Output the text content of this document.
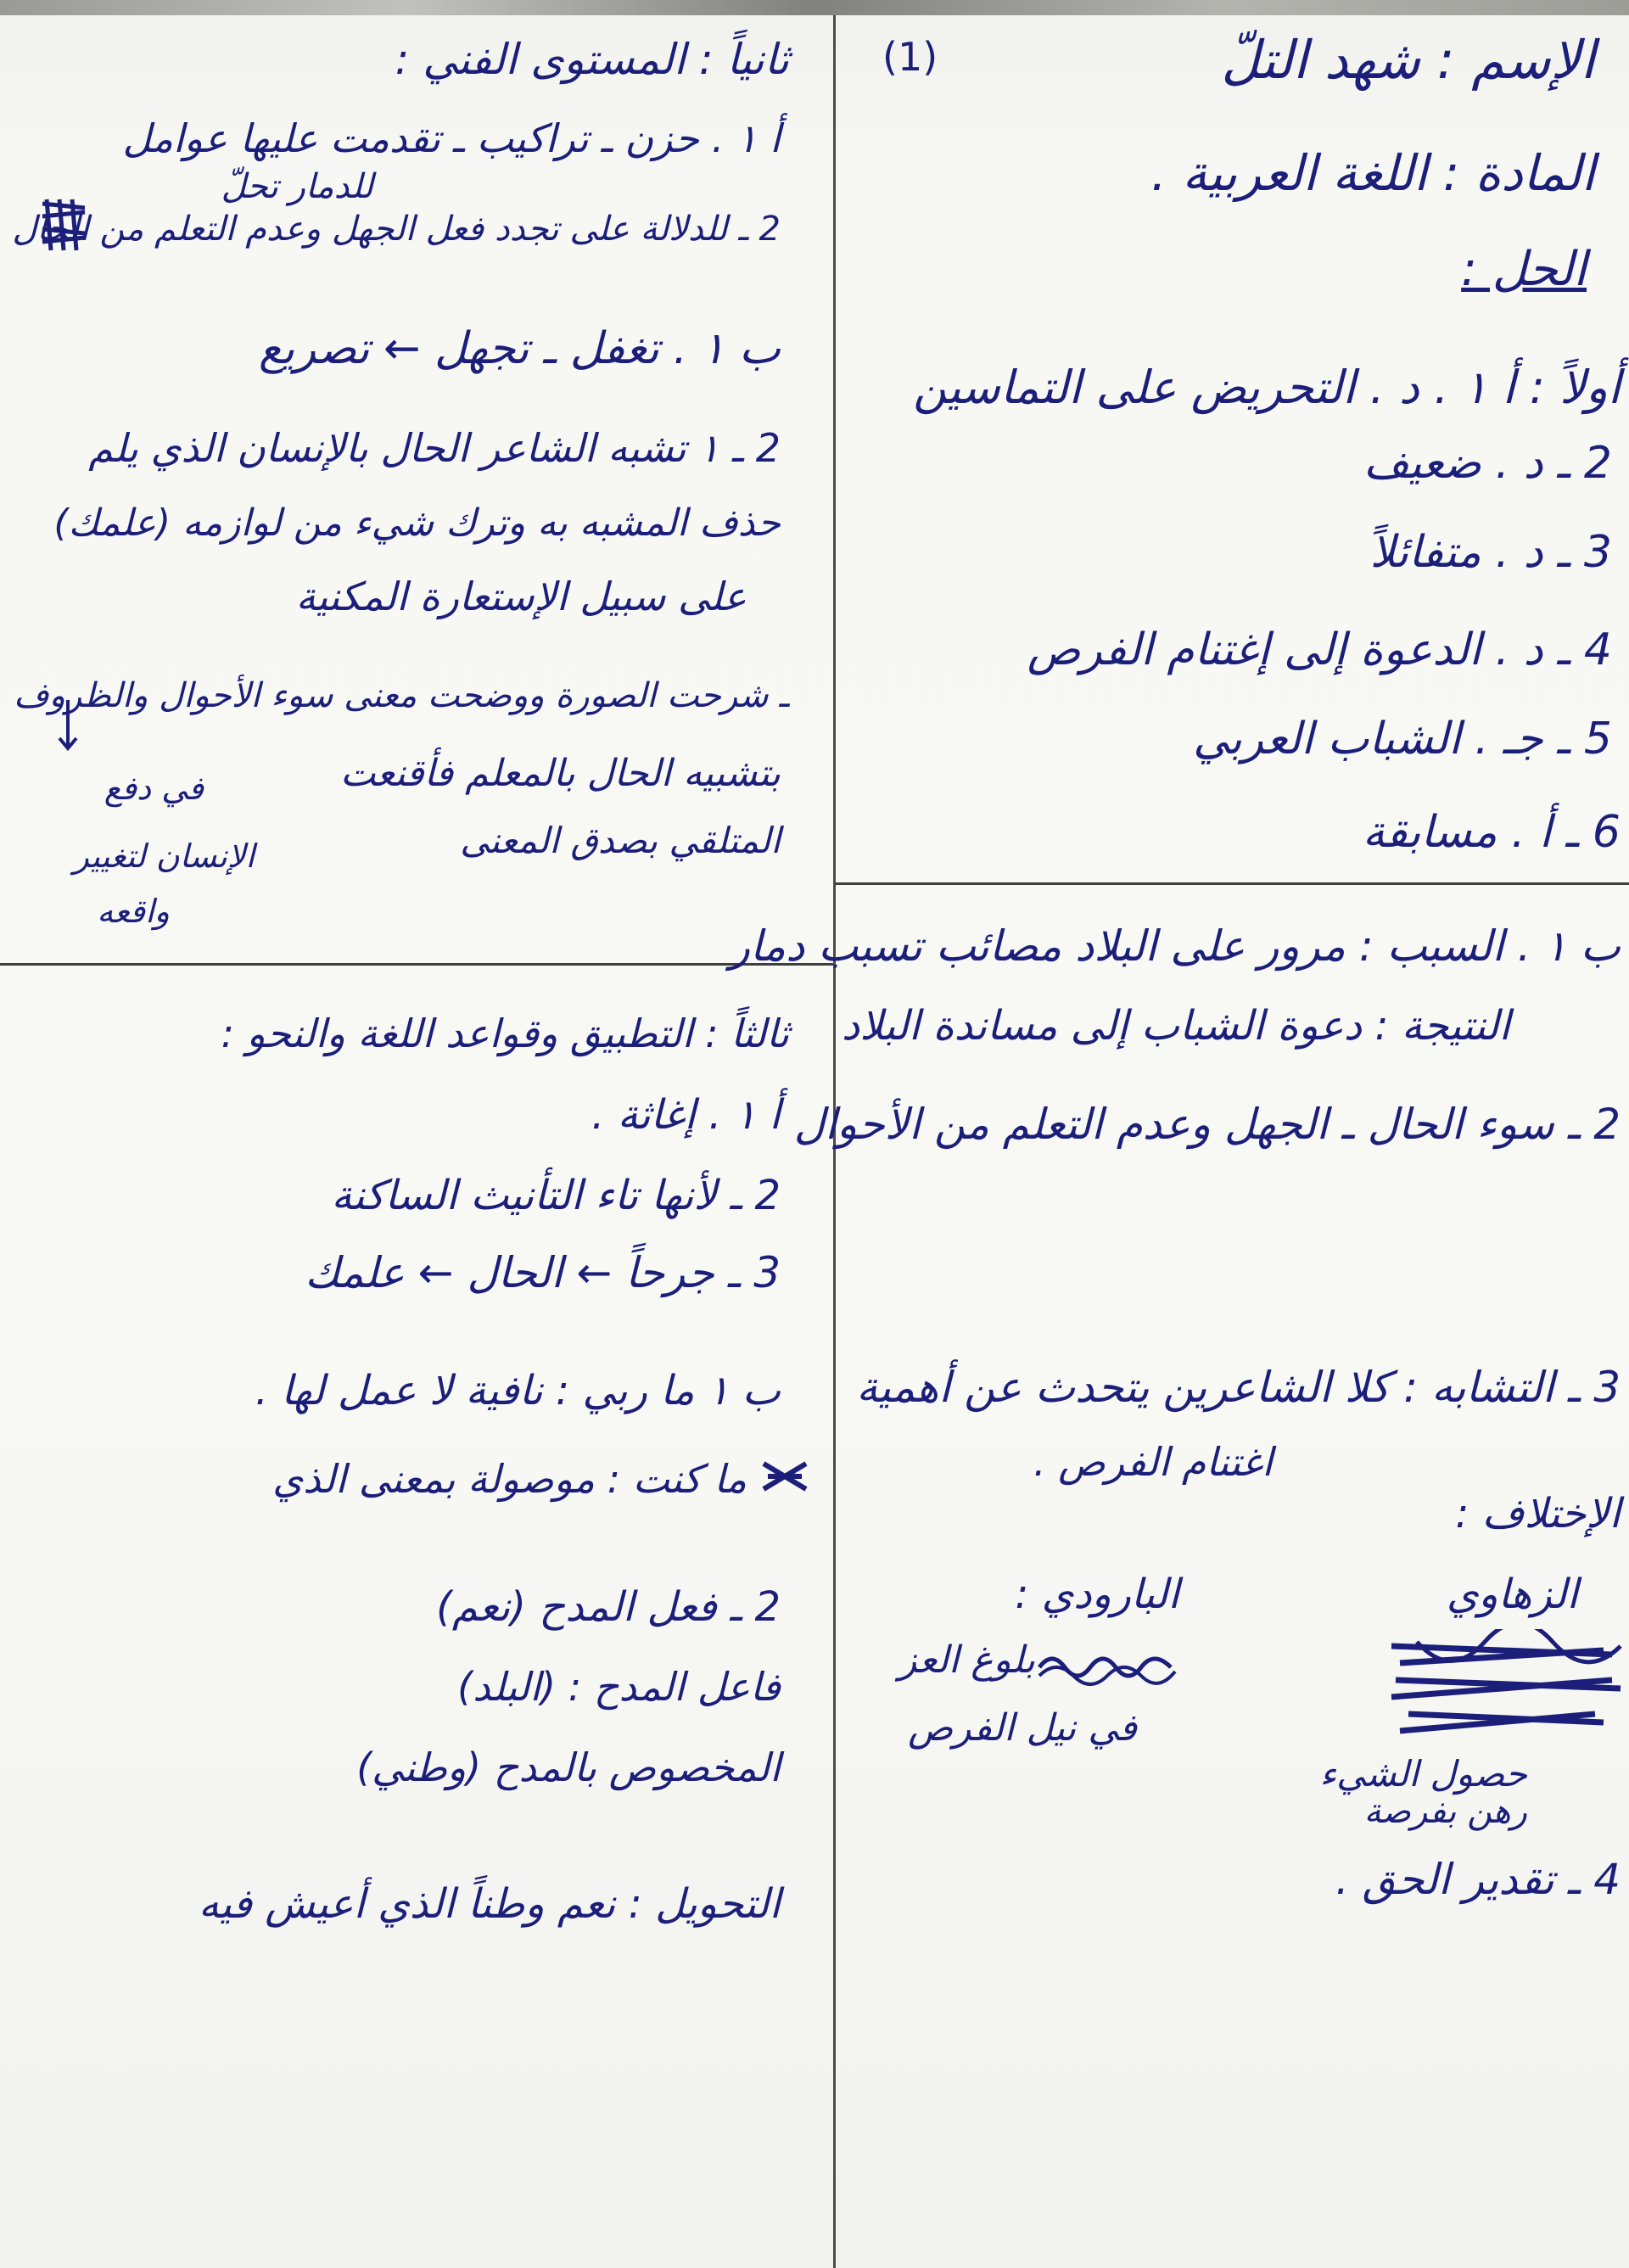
(1)	الإسم : شهد التلّ
المادة : اللغة العربية .
الحل :
أولاً : أ ١ . د . التحريض على التماسين
2 ـ د . ضعيف
3 ـ د . متفائلاً
4 ـ د . الدعوة إلى إغتنام الفرص
5 ـ جـ . الشباب العربي
6 ـ أ . مسابقة
ب ١ . السبب : مرور على البلاد مصائب تسبب دمار
النتيجة : دعوة الشباب إلى مساندة البلاد
2 ـ سوء الحال ـ الجهل وعدم التعلم من الأحوال
3 ـ التشابه : كلا الشاعرين يتحدث عن أهمية
اغتنام الفرص .
الإختلاف :
الزهاوي
البارودي :
بلوغ العز
في نيل الفرص
حصول الشيء
رهن بفرصة
4 ـ تقدير الحق .
ثانياً : المستوى الفني :
أ ١ . حزن ـ تراكيب ـ تقدمت عليها عوامل
للدمار تحلّ
2 ـ للدلالة على تجدد فعل الجهل وعدم التعلم من الحال
ب ١ . تغفل ـ تجهل ← تصريع
2 ـ ١ تشبه الشاعر الحال بالإنسان الذي يلم
حذف المشبه به وترك شيء من لوازمه (علمك)
على سبيل الإستعارة المكنية
ـ شرحت الصورة ووضحت معنى سوء الأحوال والظروف
بتشبيه الحال بالمعلم فأقنعت
المتلقي بصدق المعنى
في دفع
الإنسان لتغيير
واقعه
ثالثاً : التطبيق وقواعد اللغة والنحو :
أ ١ . إغاثة .
2 ـ لأنها تاء التأنيث الساكنة
3 ـ جرحاً ← الحال ← علمك
ب ١ ما ربي : نافية لا عمل لها .
ما كنت : موصولة بمعنى الذي
2 ـ فعل المدح (نعم)
فاعل المدح : (البلد)
المخصوص بالمدح (وطني)
التحويل : نعم وطناً الذي أعيش فيه
